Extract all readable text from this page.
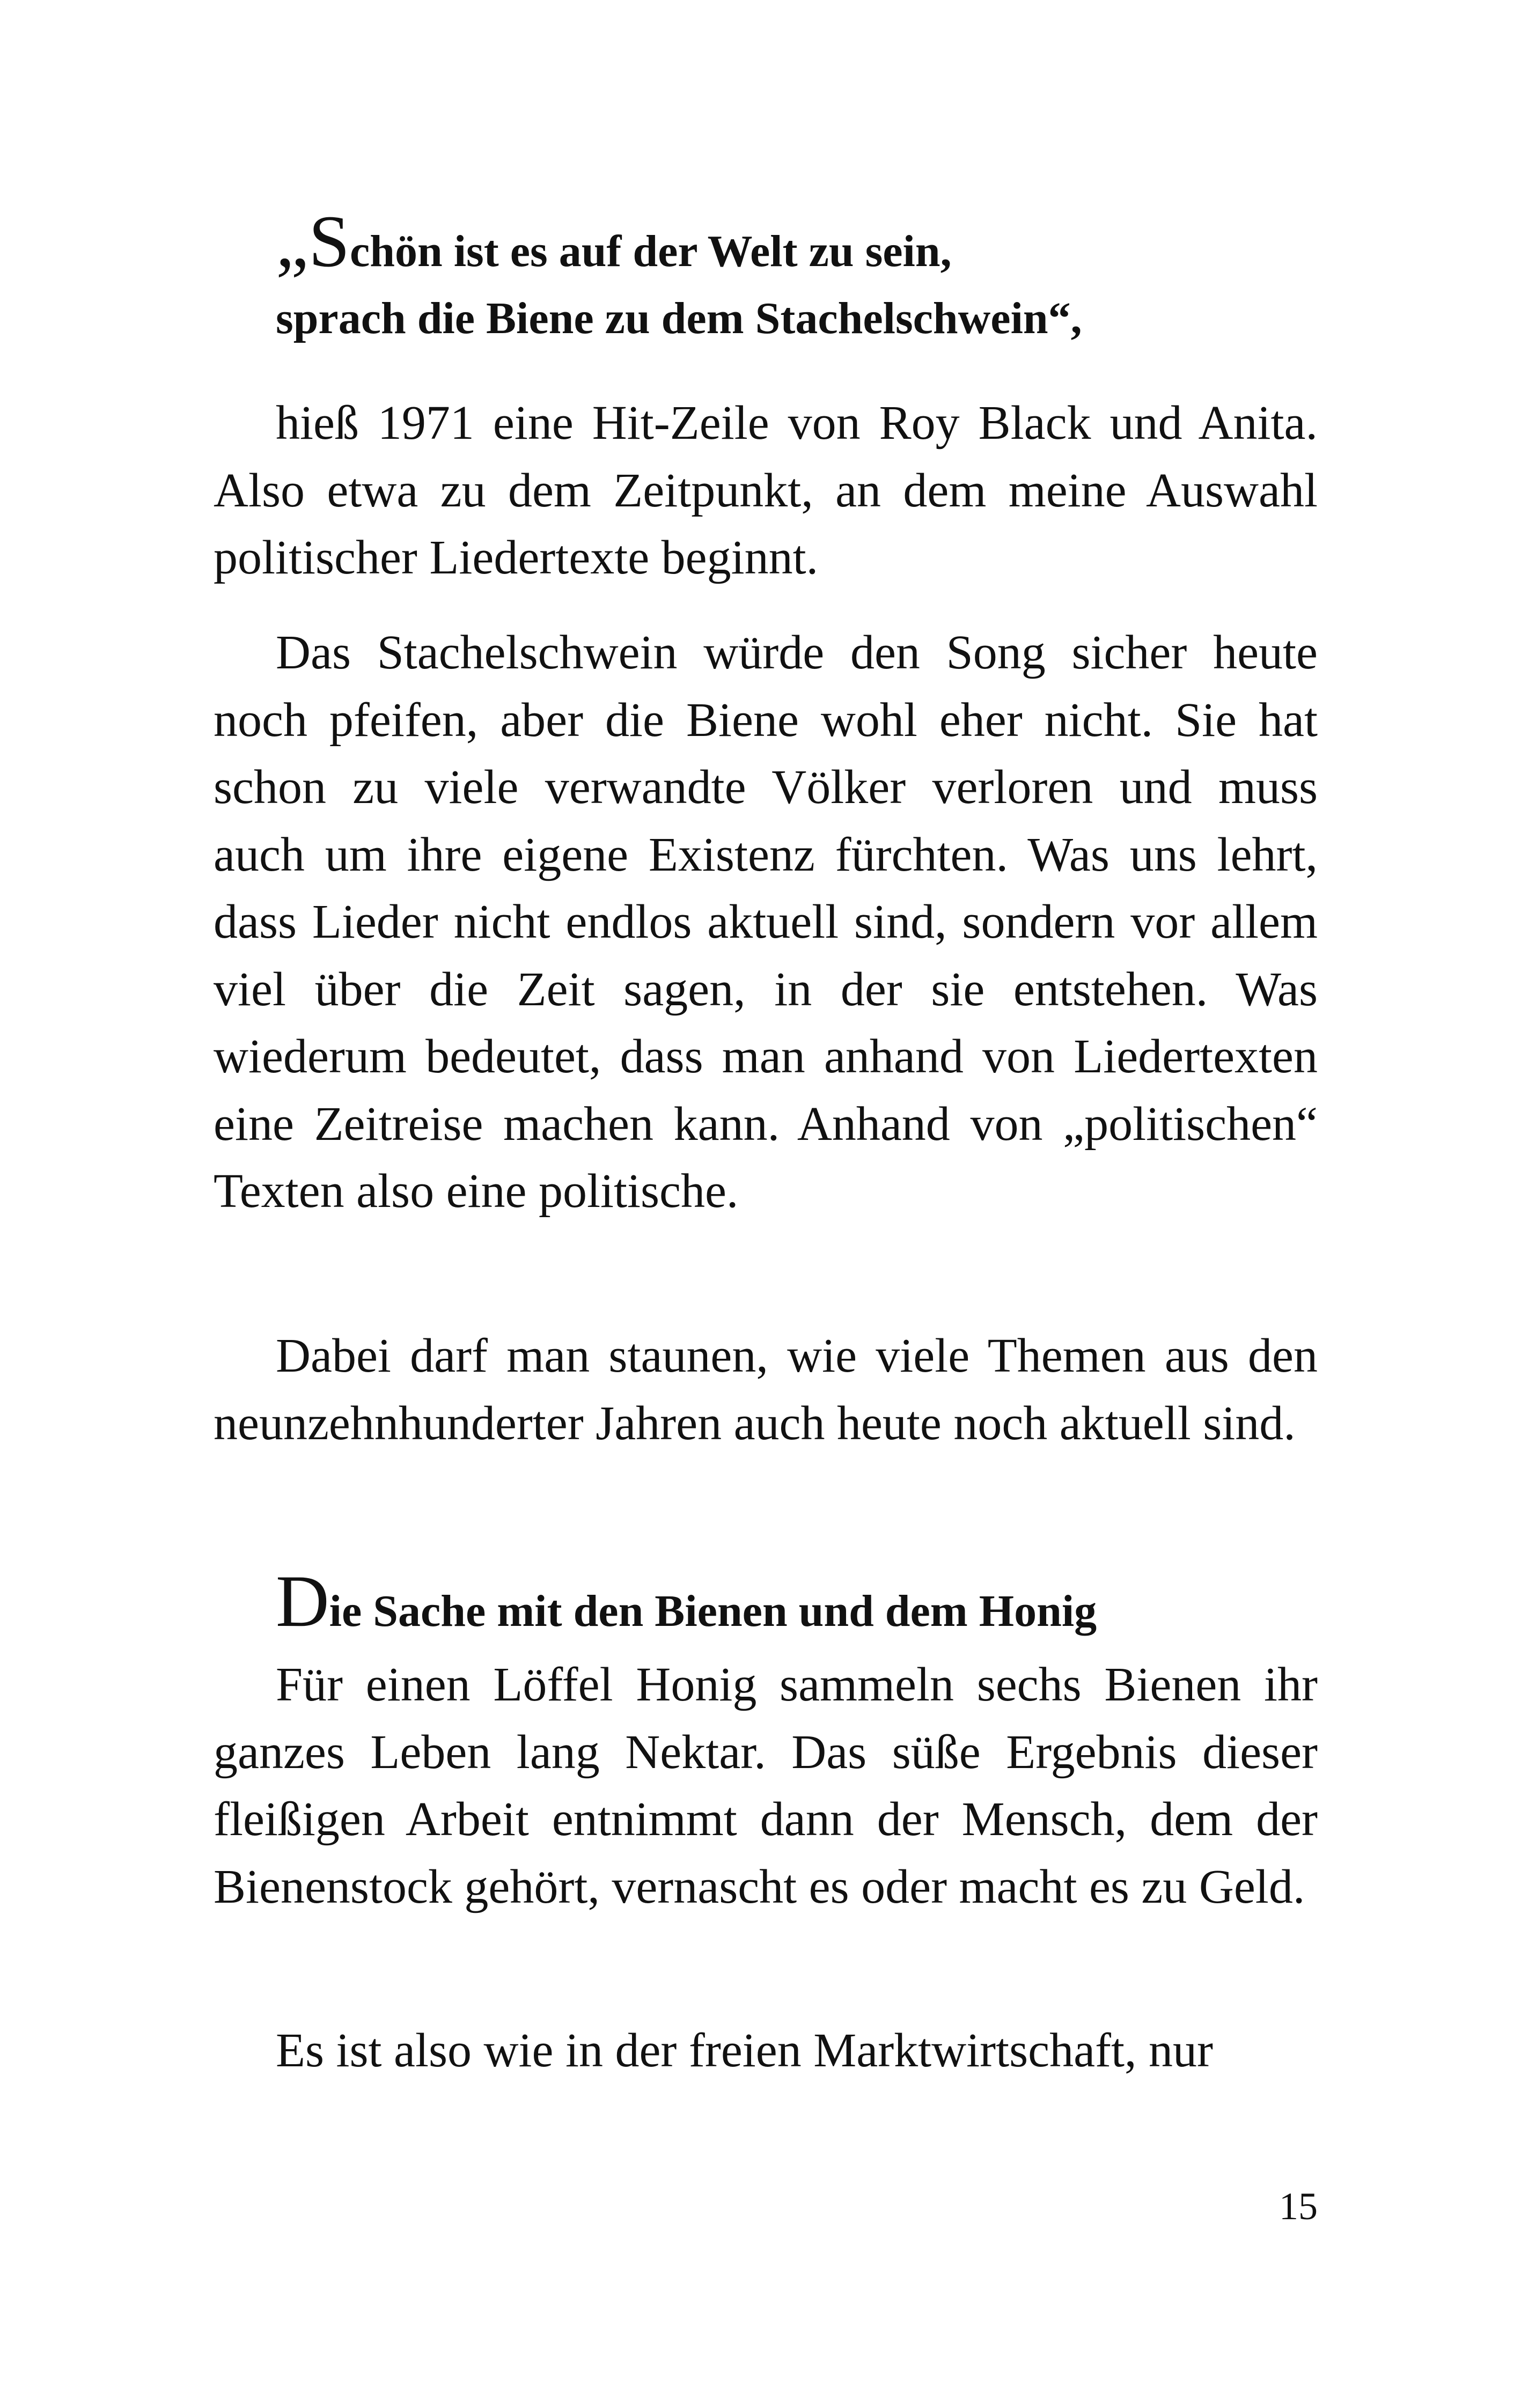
„Schön ist es auf der Welt zu sein,
sprach die Biene zu dem Stachelschwein“,

hieß 1971 eine Hit-Zeile von Roy Black und Anita. Also etwa zu dem Zeitpunkt, an dem meine Auswahl politischer Liedertexte beginnt.

Das Stachelschwein würde den Song sicher heute noch pfeifen, aber die Biene wohl eher nicht. Sie hat schon zu viele verwandte Völker verloren und muss auch um ihre eigene Existenz fürchten. Was uns lehrt, dass Lieder nicht endlos aktuell sind, sondern vor allem viel über die Zeit sagen, in der sie entstehen. Was wiederum bedeutet, dass man anhand von Liedertexten eine Zeitreise machen kann. Anhand von „politischen“ Texten also eine politische.

Dabei darf man staunen, wie viele Themen aus den neunzehnhunderter Jahren auch heute noch aktuell sind.

Die Sache mit den Bienen und dem Honig

Für einen Löffel Honig sammeln sechs Bienen ihr ganzes Leben lang Nektar. Das süße Ergebnis dieser fleißigen Arbeit entnimmt dann der Mensch, dem der Bienenstock gehört, vernascht es oder macht es zu Geld.

Es ist also wie in der freien Marktwirtschaft, nur

15
